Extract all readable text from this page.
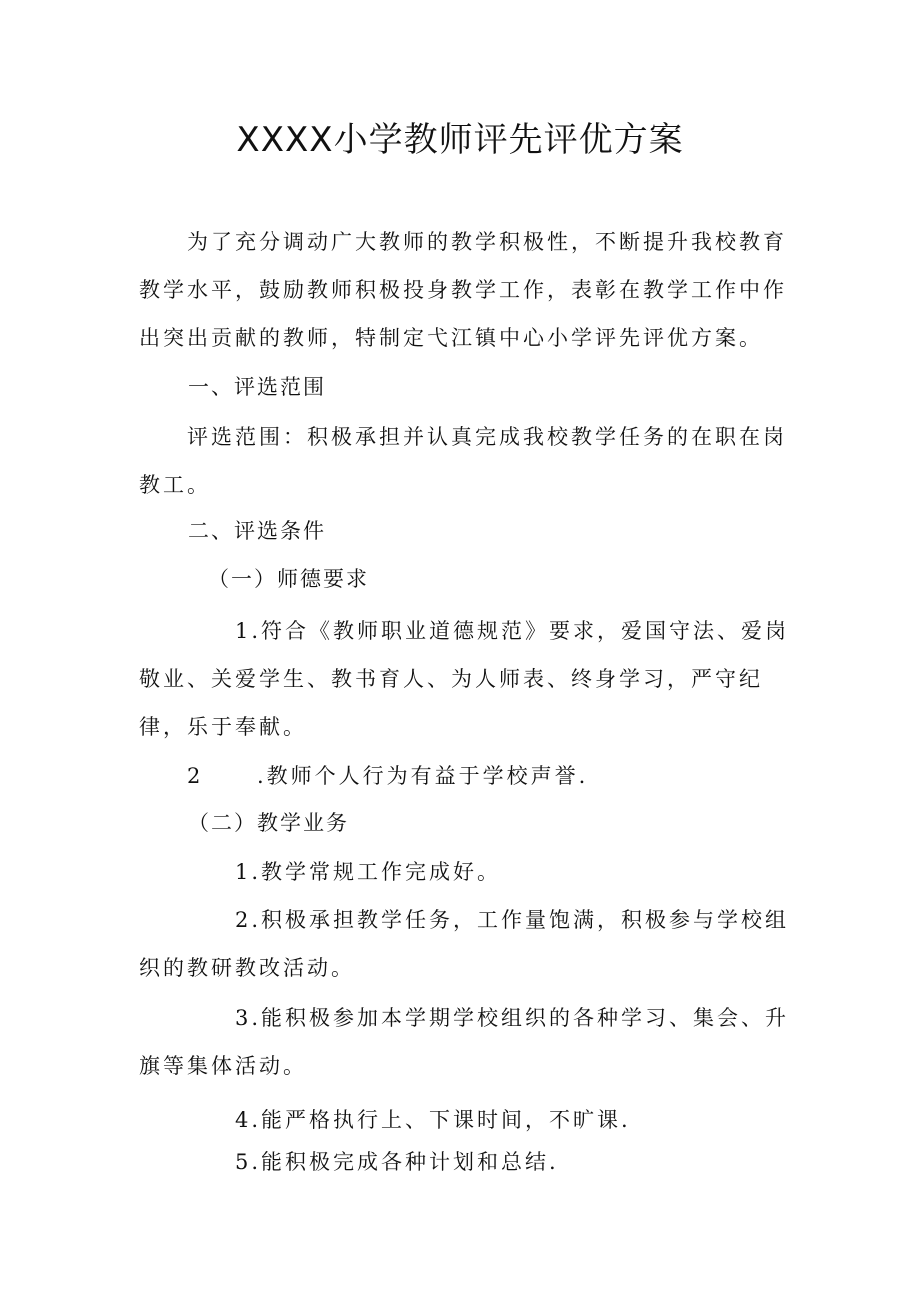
XXXX小学教师评先评优方案

为了充分调动广大教师的教学积极性，不断提升我校教育教学水平，鼓励教师积极投身教学工作，表彰在教学工作中作出突出贡献的教师，特制定弋江镇中心小学评先评优方案。

一、评选范围

评选范围：积极承担并认真完成我校教学任务的在职在岗教工。

二、评选条件

（一）师德要求

1.符合《教师职业道德规范》要求，爱国守法、爱岗敬业、关爱学生、教书育人、为人师表、终身学习，严守纪律，乐于奉献。

2	.教师个人行为有益于学校声誉.

（二）教学业务

1.教学常规工作完成好。

2.积极承担教学任务，工作量饱满，积极参与学校组织的教研教改活动。

3.能积极参加本学期学校组织的各种学习、集会、升旗等集体活动。

4.能严格执行上、下课时间，不旷课.

5.能积极完成各种计划和总结.
